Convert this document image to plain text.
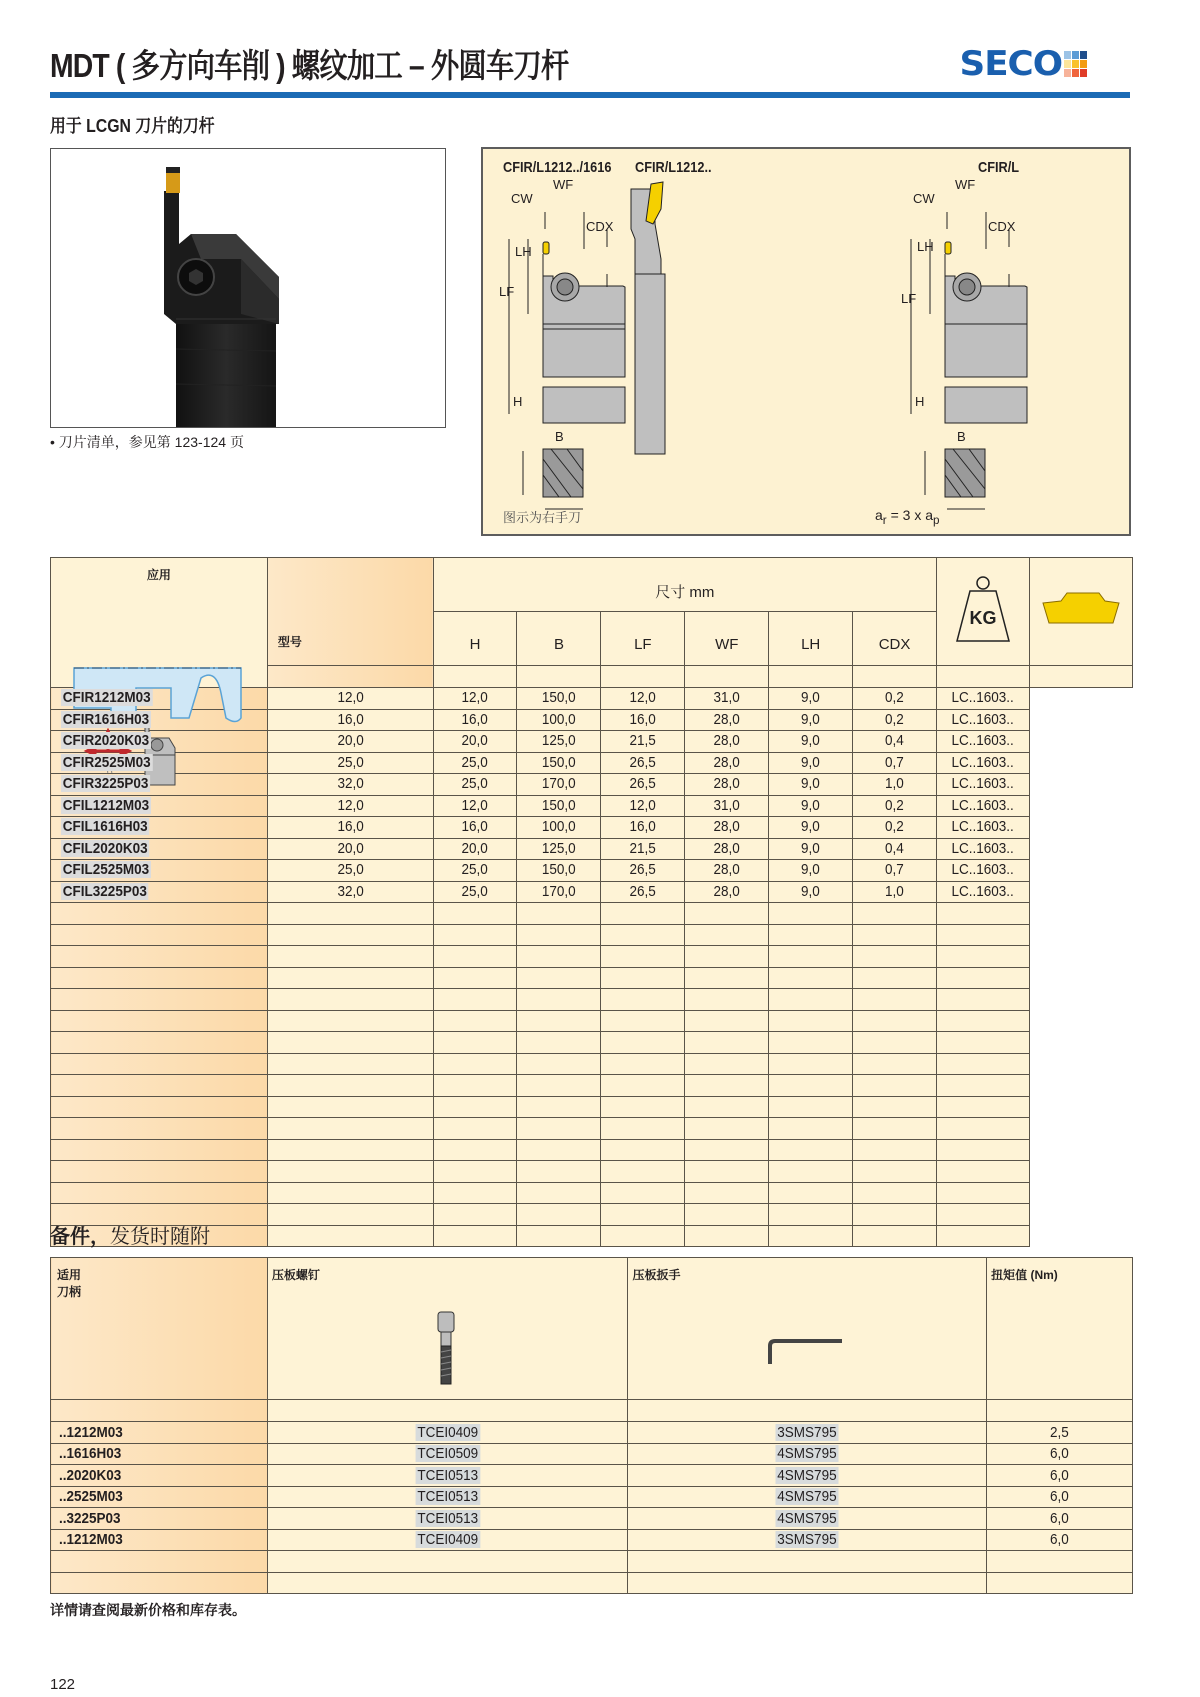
MDT ( 多方向车削 ) 螺纹加工 – 外圆车刀杆	SECO
用于 LCGN 刀片的刀杆
• 刀片清单，参见第 123-124 页
CFIR/L1212../1616 CFIR/L1212..	CFIR/L
CW
WF
CDX
LH
LF
H
B
CW
WF
CDX
LH
LF
H
B
图示为右手刀	$a_r = 3$ x $a_p$
应用	型号	尺寸 mm						KG

		H	B	LF	WF	LH	CDX		

CFIR1212M03	12,0	12,0	150,0	12,0	31,0	9,0	0,2	LC..1603..	
CFIR1616H03	16,0	16,0	100,0	16,0	28,0	9,0	0,2	LC..1603..	
CFIR2020K03	20,0	20,0	125,0	21,5	28,0	9,0	0,4	LC..1603..	
CFIR2525M03	25,0	25,0	150,0	26,5	28,0	9,0	0,7	LC..1603..	
CFIR3225P03	32,0	25,0	170,0	26,5	28,0	9,0	1,0	LC..1603..	
CFIL1212M03	12,0	12,0	150,0	12,0	31,0	9,0	0,2	LC..1603..	
CFIL1616H03	16,0	16,0	100,0	16,0	28,0	9,0	0,2	LC..1603..	
CFIL2020K03	20,0	20,0	125,0	21,5	28,0	9,0	0,4	LC..1603..	
CFIL2525M03	25,0	25,0	150,0	26,5	28,0	9,0	0,7	LC..1603..	
CFIL3225P03	32,0	25,0	170,0	26,5	28,0	9,0	1,0	LC..1603..	

备件，发货时随附
适用
刀柄	压板螺钉	压板扳手	扭矩值 (Nm)

..1212M03	TCEI0409	3SMS795	2,5
..1616H03	TCEI0509	4SMS795	6,0
..2020K03	TCEI0513	4SMS795	6,0
..2525M03	TCEI0513	4SMS795	6,0
..3225P03	TCEI0513	4SMS795	6,0
..1212M03	TCEI0409	3SMS795	6,0

详情请查阅最新价格和库存表。
122
